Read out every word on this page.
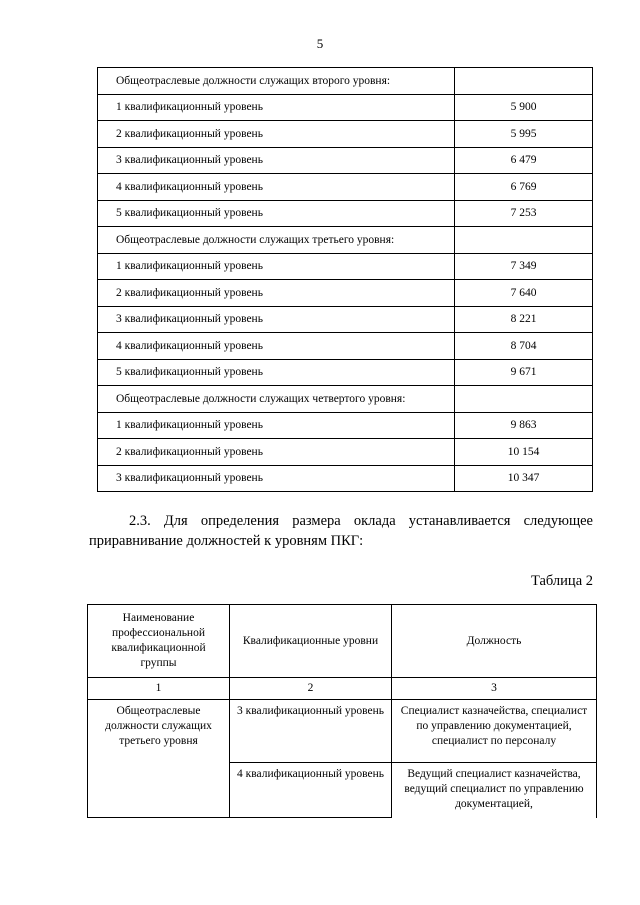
5
Общеотраслевые должности служащих второго уровня:	
1 квалификационный уровень	5 900
2 квалификационный уровень	5 995
3 квалификационный уровень	6 479
4 квалификационный уровень	6 769
5 квалификационный уровень	7 253
Общеотраслевые должности служащих третьего уровня:	
1 квалификационный уровень	7 349
2 квалификационный уровень	7 640
3 квалификационный уровень	8 221
4 квалификационный уровень	8 704
5 квалификационный уровень	9 671
Общеотраслевые должности служащих четвертого уровня:	
1 квалификационный уровень	9 863
2 квалификационный уровень	10 154
3 квалификационный уровень	10 347
2.3. Для определения размера оклада устанавливается следующее приравнивание должностей к уровням ПКГ:
Таблица 2
Наименование профессиональной квалификационной группы	Квалификационные уровни	Должность
1	2	3
Общеотраслевые должности служащих третьего уровня	3 квалификационный уровень	Специалист казначейства, специалист по управлению документацией, специалист по персоналу
	4 квалификационный уровень	Ведущий специалист казначейства, ведущий специалист по управлению документацией,
